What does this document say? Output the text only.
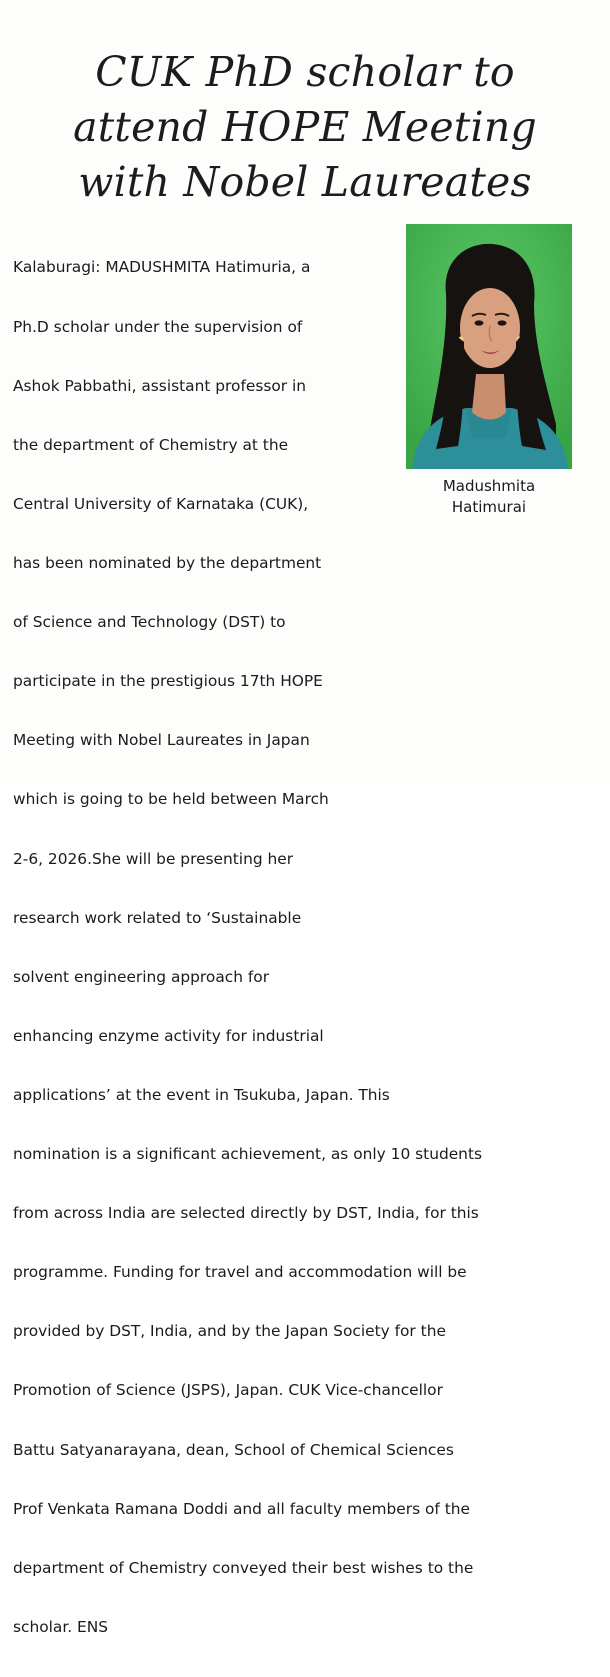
CUK PhD scholar to
attend HOPE Meeting
with Nobel Laureates
Madushmita
Hatimurai

Kalaburagi: MADUSHMITA Hatimuria, a

Ph.D scholar under the supervision of

Ashok Pabbathi, assistant professor in

the department of Chemistry at the

Central University of Karnataka (CUK),

has been nominated by the department

of Science and Technology (DST) to

participate in the prestigious 17th HOPE

Meeting with Nobel Laureates in Japan

which is going to be held between March

2-6, 2026.She will be presenting her

research work related to ‘Sustainable

solvent engineering approach for

enhancing enzyme activity for industrial

applications’ at the event in Tsukuba, Japan. This

nomination is a significant achievement, as only 10 students

from across India are selected directly by DST, India, for this

programme. Funding for travel and accommodation will be

provided by DST, India, and by the Japan Society for the

Promotion of Science (JSPS), Japan. CUK Vice-chancellor

Battu Satyanarayana, dean, School of Chemical Sciences

Prof Venkata Ramana Doddi and all faculty members of the

department of Chemistry conveyed their best wishes to the

scholar. ENS
